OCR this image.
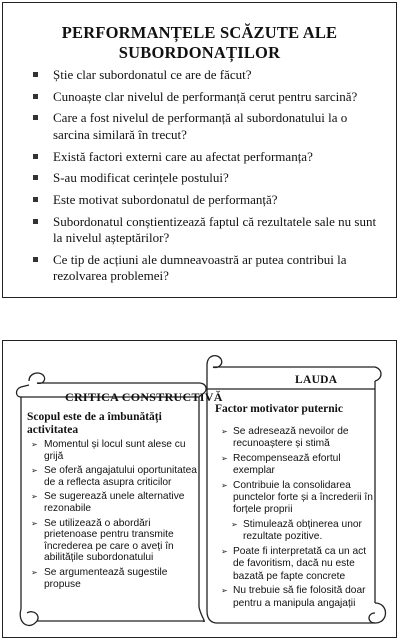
PERFORMANȚELE SCĂZUTE ALE
SUBORDONAȚILOR
Știe clar subordonatul ce are de făcut?
Cunoaște clar nivelul de performanță cerut pentru sarcină?
Care a fost nivelul de performanță al subordonatului la o sarcina similară în trecut?
Există factori externi care au afectat performanța?
S-au modificat cerințele postului?
Este motivat subordonatul de performanță?
Subordonatul conștientizează faptul că rezultatele sale nu sunt la nivelul așteptărilor?
Ce tip de acțiuni ale dumneavoastră ar putea contribui la rezolvarea problemei?
CRITICA CONSTRUCTIVĂ
Scopul este de a îmbunătăți activitatea
➢ Momentul și locul sunt alese cu grijă
➢ Se oferă angajatului oportunitatea de a reflecta asupra criticilor
➢ Se sugerează unele alternative rezonabile
➢ Se utilizează o abordări prietenoase pentru transmite încrederea pe care o aveți în abilitățile subordonatului
➢ Se argumentează sugestile propuse
LAUDA
Factor motivator puternic
➢ Se adresează nevoilor de recunoaștere și stimă
➢ Recompensează efortul exemplar
➢ Contribuie la consolidarea punctelor forte și a încrederii în forțele proprii
➢ Stimulează obținerea unor rezultate pozitive.
➢ Poate fi interpretată ca un act de favoritism, dacă nu este bazată pe fapte concrete
➢ Nu trebuie să fie folosită doar pentru a manipula angajații
